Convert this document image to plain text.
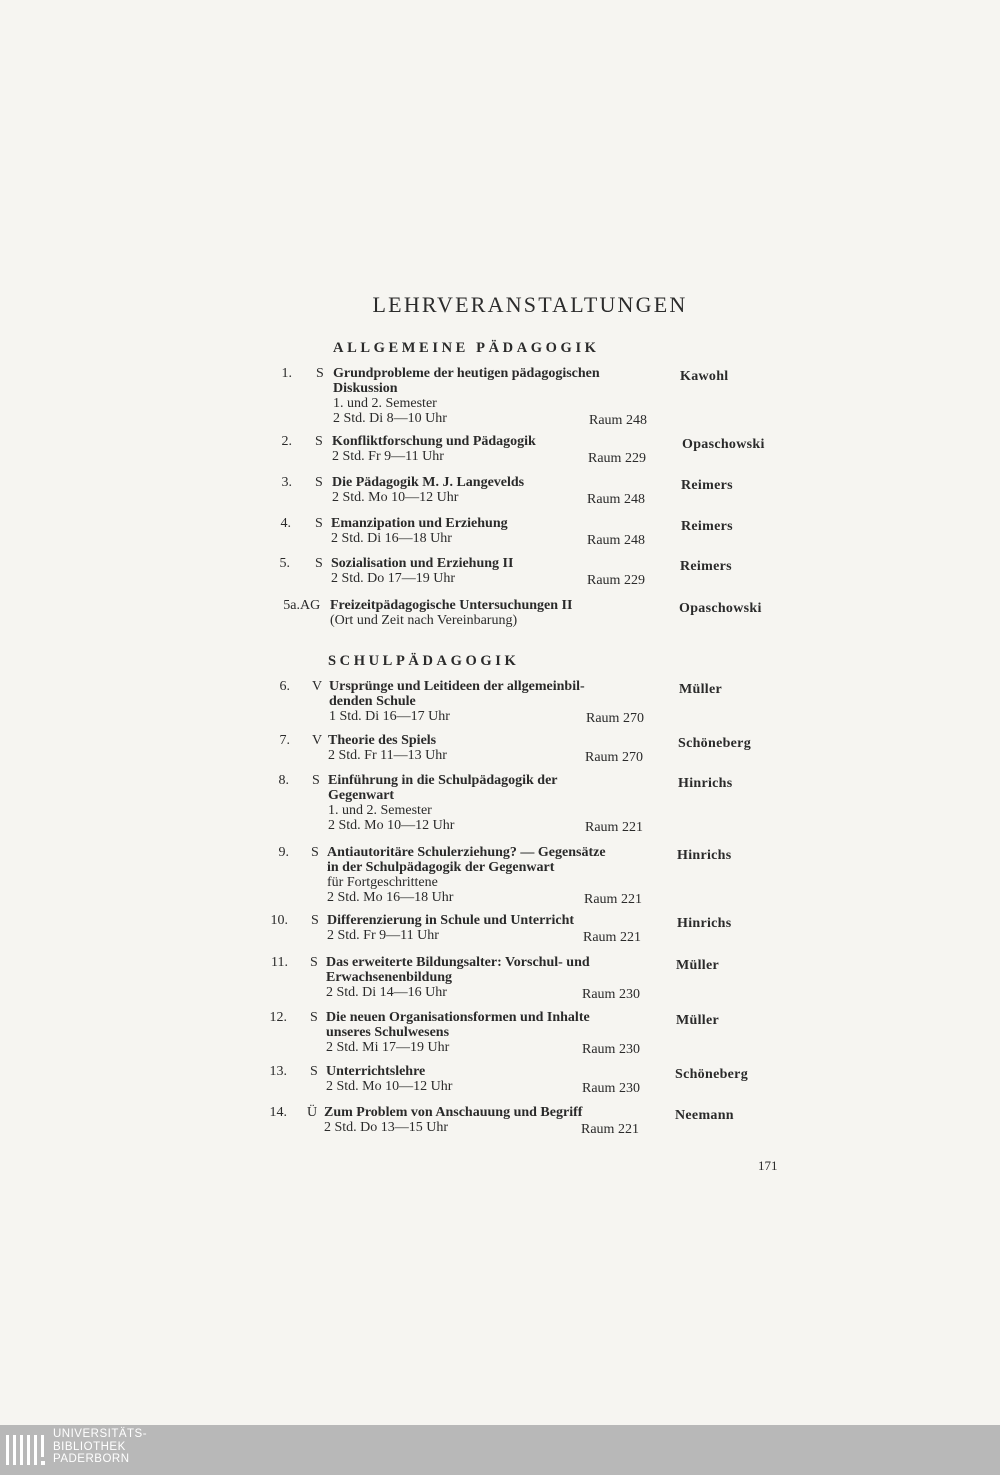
LEHRVERANSTALTUNGEN
ALLGEMEINE PÄDAGOGIK
1. S Grundprobleme der heutigen pädagogischen
Diskussion
1. und 2. Semester
2 Std. Di 8—10 Uhr	Raum 248
Kawohl
2. S Konfliktforschung und Pädagogik
2 Std. Fr 9—11 Uhr	Raum 229
Opaschowski
3. S Die Pädagogik M. J. Langevelds
2 Std. Mo 10—12 Uhr	Raum 248
Reimers
4. S Emanzipation und Erziehung
2 Std. Di 16—18 Uhr	Raum 248
Reimers
5. S Sozialisation und Erziehung II
2 Std. Do 17—19 Uhr	Raum 229
Reimers
5a. AG Freizeitpädagogische Untersuchungen II
(Ort und Zeit nach Vereinbarung)
Opaschowski
SCHULPÄDAGOGIK
6. V Ursprünge und Leitideen der allgemeinbil-
denden Schule
1 Std. Di 16—17 Uhr	Raum 270
Müller
7. V Theorie des Spiels
2 Std. Fr 11—13 Uhr	Raum 270
Schöneberg
8. S Einführung in die Schulpädagogik der
Gegenwart
1. und 2. Semester
2 Std. Mo 10—12 Uhr	Raum 221
Hinrichs
9. S Antiautoritäre Schulerziehung? — Gegensätze
in der Schulpädagogik der Gegenwart
für Fortgeschrittene
2 Std. Mo 16—18 Uhr	Raum 221
Hinrichs
10. S Differenzierung in Schule und Unterricht
2 Std. Fr 9—11 Uhr	Raum 221
Hinrichs
11. S Das erweiterte Bildungsalter: Vorschul- und
Erwachsenenbildung
2 Std. Di 14—16 Uhr	Raum 230
Müller
12. S Die neuen Organisationsformen und Inhalte
unseres Schulwesens
2 Std. Mi 17—19 Uhr	Raum 230
Müller
13. S Unterrichtslehre
2 Std. Mo 10—12 Uhr	Raum 230
Schöneberg
14. Ü Zum Problem von Anschauung und Begriff
2 Std. Do 13—15 Uhr	Raum 221
Neemann
171
UNIVERSITÄTS-
BIBLIOTHEK
PADERBORN
